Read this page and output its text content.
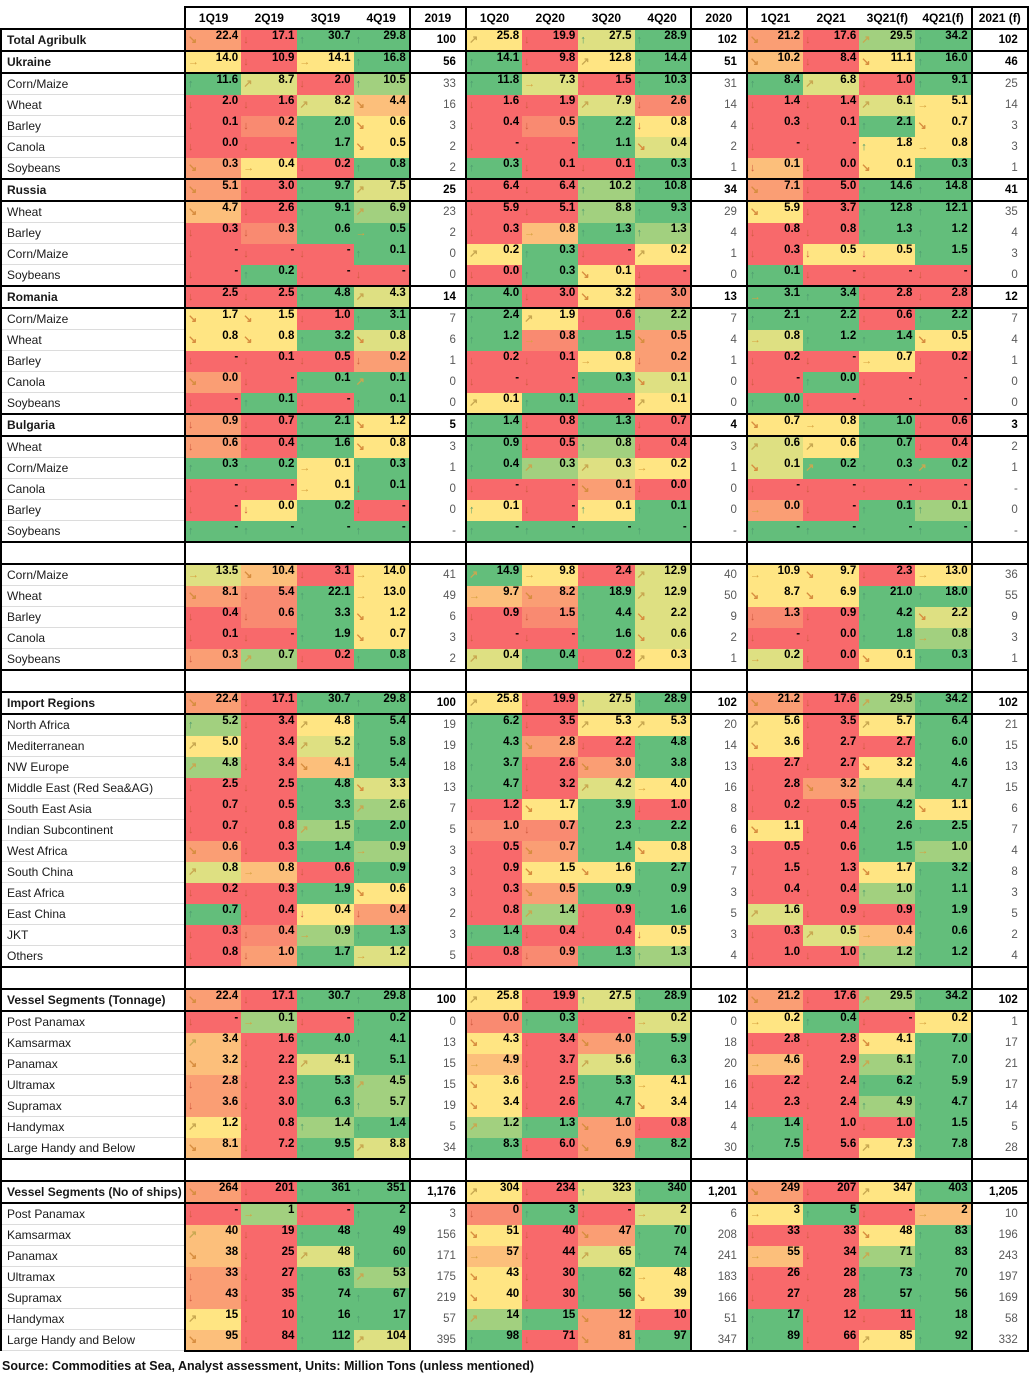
	1Q19	2Q19	3Q19	4Q19	2019	1Q20	2Q20	3Q20	4Q20	2020	1Q21	2Q21	3Q21(f)	4Q21(f)	2021 (f)
Total Agribulk	↘ 22.4	↓ 17.1	↑ 30.7	↑ 29.8	100	↗ 25.8	↓ 19.9	↑ 27.5	↑ 28.9	102	↘ 21.2	↓ 17.6	↗ 29.5	↑ 34.2	102
Ukraine	→ 14.0	↓ 10.9	→ 14.1	↑ 16.8	56	↑ 14.1	↓ 9.8	↗ 12.8	↑ 14.4	51	↘ 10.2	↓ 8.4	↘ 11.1	↑ 16.0	46
Corn/Maize	↑ 11.6	↗ 8.7	↓ 2.0	↑ 10.5	33	↑ 11.8	→ 7.3	↓ 1.5	↑ 10.3	31	↑ 8.4	↗ 6.8	↓ 1.0	↑ 9.1	25
Wheat	↓ 2.0	↓ 1.6	↗ 8.2	↘ 4.4	16	↓ 1.6	↓ 1.9	↗ 7.9	↓ 2.6	14	↓ 1.4	↓ 1.4	↗ 6.1	→ 5.1	14
Barley	↓ 0.1	↓ 0.2	↑ 2.0	↘ 0.6	3	↓ 0.4	↓ 0.5	↑ 2.2	↓ 0.8	4	↓ 0.3	↓ 0.1	↑ 2.1	↘ 0.7	3
Canola	↓ 0.0	↓ -	↑ 1.7	↘ 0.5	2	↓ -	↓ -	↑ 1.1	↘ 0.4	2	↓ -	↓ -	↑ 1.8	→ 0.8	3
Soybeans	↘ 0.3	→ 0.4	↓ 0.2	↑ 0.8	2	↑ 0.3	↓ 0.1	↓ 0.1	↑ 0.3	1	↓ 0.1	↓ 0.0	↘ 0.1	↑ 0.3	1
Russia	↘ 5.1	↓ 3.0	↑ 9.7	↗ 7.5	25	↓ 6.4	↓ 6.4	↑ 10.2	↑ 10.8	34	↘ 7.1	↓ 5.0	↑ 14.6	↑ 14.8	41
Wheat	↘ 4.7	↓ 2.6	↑ 9.1	↗ 6.9	23	↓ 5.9	↓ 5.1	↑ 8.8	↑ 9.3	29	↘ 5.9	↓ 3.7	↑ 12.8	↑ 12.1	35
Barley	↓ 0.3	↓ 0.3	↑ 0.6	→ 0.5	2	↓ 0.3	→ 0.8	↑ 1.3	↑ 1.3	4	↓ 0.8	↓ 0.8	↑ 1.3	↑ 1.2	4
Corn/Maize	↓ -	↓ -	↓ -	↑ 0.1	0	↗ 0.2	↑ 0.3	↓ -	↗ 0.2	1	↓ 0.3	↓ 0.5	↓ 0.5	↑ 1.5	3
Soybeans	↓ -	↑ 0.2	↓ -	↓ -	0	↓ 0.0	↑ 0.3	↘ 0.1	↓ -	0	↑ 0.1	↓ -	↓ -	↓ -	0
Romania	↓ 2.5	↓ 2.5	↑ 4.8	↗ 4.3	14	↑ 4.0	↓ 3.0	↘ 3.2	↓ 3.0	13	→ 3.1	↑ 3.4	↓ 2.8	↓ 2.8	12
Corn/Maize	↘ 1.7	↘ 1.5	↓ 1.0	↑ 3.1	7	↑ 2.4	↗ 1.9	↓ 0.6	↑ 2.2	7	↑ 2.1	↑ 2.2	↓ 0.6	↑ 2.2	7
Wheat	↘ 0.8	↘ 0.8	↑ 3.2	↘ 0.8	6	↑ 1.2	→ 0.8	↑ 1.5	↘ 0.5	4	→ 0.8	↑ 1.2	↑ 1.4	↘ 0.5	4
Barley	↓ -	↓ 0.1	↓ 0.5	↓ 0.2	1	↓ 0.2	↓ 0.1	→ 0.8	↓ 0.2	1	↓ 0.2	↓ -	→ 0.7	↓ 0.2	1
Canola	↘ 0.0	↓ -	↑ 0.1	↗ 0.1	0	↓ -	↓ -	↑ 0.3	↘ 0.1	0	↓ -	↑ 0.0	↓ -	↓ -	0
Soybeans	↓ -	↑ 0.1	↓ -	↑ 0.1	0	↗ 0.1	↑ 0.1	↓ -	↗ 0.1	0	↑ 0.0	↓ -	↓ -	↓ -	0
Bulgaria	↓ 0.9	↓ 0.7	↑ 2.1	↘ 1.2	5	↑ 1.4	↓ 0.8	↑ 1.3	↓ 0.7	4	↘ 0.7	→ 0.8	↑ 1.0	↓ 0.6	3
Wheat	↓ 0.6	↓ 0.4	↑ 1.6	↘ 0.8	3	↑ 0.9	↓ 0.5	↑ 0.8	↓ 0.4	3	↗ 0.6	↗ 0.6	↑ 0.7	↓ 0.4	2
Corn/Maize	↑ 0.3	↑ 0.2	→ 0.1	↑ 0.3	1	↑ 0.4	↗ 0.3	↗ 0.3	→ 0.2	1	↘ 0.1	↗ 0.2	↑ 0.3	↗ 0.2	1
Canola	↓ -	↓ -	→ 0.1	↓ 0.1	0	↓ -	↓ -	↘ 0.1	↓ 0.0	0	↓ -	↓ -	↓ -	↓ -	-
Barley	↓ -	↓ 0.0	↑ 0.2	↓ -	0	↑ 0.1	↓ -	↑ 0.1	↑ 0.1	0	→ 0.0	↓ -	↑ 0.1	↑ 0.1	0
Soybeans	↑ -	↑ -	↑ -	↑ -	-	↑ -	↑ -	↑ -	↑ -	-	↑ -	↑ -	↑ -	↑ -	-

Corn/Maize	→ 13.5	↘ 10.4	↓ 3.1	→ 14.0	41	↗ 14.9	→ 9.8	↓ 2.4	↗ 12.9	40	→ 10.9	↘ 9.7	↓ 2.3	→ 13.0	36
Wheat	↘ 8.1	↓ 5.4	↑ 22.1	→ 13.0	49	→ 9.7	↘ 8.2	↑ 18.9	↗ 12.9	50	↘ 8.7	↘ 6.9	↑ 21.0	↑ 18.0	55
Barley	↓ 0.4	↓ 0.6	↑ 3.3	↘ 1.2	6	↓ 0.9	↓ 1.5	↑ 4.4	↘ 2.2	9	↓ 1.3	↓ 0.9	↑ 4.2	↘ 2.2	9
Canola	↓ 0.1	↓ -	↑ 1.9	↘ 0.7	3	↓ -	↓ -	↑ 1.6	↘ 0.6	2	↓ -	↓ 0.0	↑ 1.8	→ 0.8	3
Soybeans	↓ 0.3	↗ 0.7	↓ 0.2	↑ 0.8	2	↗ 0.4	↑ 0.4	↓ 0.2	↗ 0.3	1	→ 0.2	↓ 0.0	↘ 0.1	↑ 0.3	1

Import Regions	↘ 22.4	↓ 17.1	↑ 30.7	↑ 29.8	100	↗ 25.8	↓ 19.9	↑ 27.5	↑ 28.9	102	↘ 21.2	↓ 17.6	↗ 29.5	↑ 34.2	102
North Africa	↑ 5.2	↓ 3.4	↗ 4.8	↑ 5.4	19	↑ 6.2	↓ 3.5	↗ 5.3	↗ 5.3	20	↗ 5.6	↓ 3.5	↗ 5.7	↑ 6.4	21
Mediterranean	↗ 5.0	↓ 3.4	↗ 5.2	↑ 5.8	19	↑ 4.3	↘ 2.8	↓ 2.2	↑ 4.8	14	↘ 3.6	↓ 2.7	↓ 2.7	↑ 6.0	15
NW Europe	↗ 4.8	↓ 3.4	↘ 4.1	↑ 5.4	18	↑ 3.7	↓ 2.6	↘ 3.0	↑ 3.8	13	↓ 2.7	↓ 2.7	↘ 3.2	↑ 4.6	13
Middle East (Red Sea&AG)	↓ 2.5	↓ 2.5	↑ 4.8	↘ 3.3	13	↑ 4.7	↓ 3.2	↗ 4.2	→ 4.0	16	↓ 2.8	↘ 3.2	↑ 4.4	↑ 4.7	15
South East Asia	↓ 0.7	↓ 0.5	↑ 3.3	↗ 2.6	7	↓ 1.2	↘ 1.7	↑ 3.9	↓ 1.0	8	↓ 0.2	↓ 0.5	↑ 4.2	↘ 1.1	6
Indian Subcontinent	↓ 0.7	↓ 0.8	↗ 1.5	↑ 2.0	5	↓ 1.0	↓ 0.7	↑ 2.3	↑ 2.2	6	↘ 1.1	↓ 0.4	↑ 2.6	↑ 2.5	7
West Africa	↘ 0.6	↓ 0.3	↑ 1.4	→ 0.9	3	↓ 0.5	↘ 0.7	↑ 1.4	↘ 0.8	3	↓ 0.5	↓ 0.6	↑ 1.5	→ 1.0	4
South China	↗ 0.8	→ 0.8	↓ 0.6	↑ 0.9	3	↓ 0.9	↘ 1.5	↘ 1.6	↑ 2.7	7	↓ 1.5	↓ 1.3	↘ 1.7	↑ 3.2	8
East Africa	↓ 0.2	↓ 0.3	↑ 1.9	↘ 0.6	3	↓ 0.3	↘ 0.5	↑ 0.9	↑ 0.9	3	↓ 0.4	↓ 0.4	↑ 1.0	↑ 1.1	3
East China	↑ 0.7	↓ 0.4	↓ 0.4	↓ 0.4	2	↓ 0.8	↗ 1.4	↓ 0.9	↑ 1.6	5	↗ 1.6	↓ 0.9	↓ 0.9	↑ 1.9	5
JKT	↓ 0.3	↓ 0.4	→ 0.9	↑ 1.3	3	↑ 1.4	↓ 0.4	↓ 0.4	↓ 0.5	3	↓ 0.3	↗ 0.5	→ 0.4	↑ 0.6	2
Others	↓ 0.8	↓ 1.0	↑ 1.7	→ 1.2	5	↓ 0.8	↓ 0.9	↑ 1.3	↑ 1.3	4	↓ 1.0	↓ 1.0	↑ 1.2	↑ 1.2	4

Vessel Segments (Tonnage)	↘ 22.4	↓ 17.1	↑ 30.7	↑ 29.8	100	↗ 25.8	↓ 19.9	↑ 27.5	↑ 28.9	102	↘ 21.2	↓ 17.6	↗ 29.5	↑ 34.2	102
Post Panamax	↓ -	→ 0.1	↓ -	↑ 0.2	0	↓ 0.0	↑ 0.3	↓ -	→ 0.2	0	→ 0.2	↑ 0.4	↓ -	→ 0.2	1
Kamsarmax	↗ 3.4	↓ 1.6	↑ 4.0	↑ 4.1	13	↘ 4.3	↓ 3.4	↘ 4.0	↑ 5.9	18	↓ 2.8	↓ 2.8	↘ 4.1	↑ 7.0	17
Panamax	↘ 3.2	↓ 2.2	↗ 4.1	↑ 5.1	15	→ 4.9	↓ 3.7	↗ 5.6	↑ 6.3	20	→ 4.6	↓ 2.9	↗ 6.1	↑ 7.0	21
Ultramax	↓ 2.8	↓ 2.3	↑ 5.3	↗ 4.5	15	↘ 3.6	↓ 2.5	↑ 5.3	→ 4.1	16	↓ 2.2	↓ 2.4	↑ 6.2	↑ 5.9	17
Supramax	↓ 3.6	↓ 3.0	↑ 6.3	↑ 5.7	19	↘ 3.4	↓ 2.6	↑ 4.7	↘ 3.4	14	↓ 2.3	↓ 2.4	↑ 4.9	↑ 4.7	14
Handymax	↗ 1.2	↓ 0.8	↑ 1.4	↑ 1.4	5	↗ 1.2	↑ 1.3	↘ 1.0	↓ 0.8	4	↑ 1.4	↓ 1.0	↓ 1.0	↑ 1.5	5
Large Handy and Below	↘ 8.1	↓ 7.2	↑ 9.5	↗ 8.8	34	↑ 8.3	↓ 6.0	↘ 6.9	↑ 8.2	30	↑ 7.5	↓ 5.6	↗ 7.3	↑ 7.8	28

Vessel Segments (No of ships)	↘ 264	↓ 201	↑ 361	↑ 351	1,176	↗ 304	↓ 234	↑ 323	↑ 340	1,201	↘ 249	↓ 207	↗ 347	↑ 403	1,205
Post Panamax	↓ -	→ 1	↓ -	↑ 2	3	↓ 0	↑ 3	↓ -	→ 2	6	→ 3	↑ 5	↓ -	→ 2	10
Kamsarmax	↗ 40	↓ 19	↑ 48	↑ 49	156	↘ 51	↓ 40	↘ 47	↑ 70	208	↓ 33	↓ 33	↘ 48	↑ 83	196
Panamax	↘ 38	↓ 25	↗ 48	↑ 60	171	→ 57	↓ 44	↗ 65	↑ 74	241	→ 55	↓ 34	↗ 71	↑ 83	243
Ultramax	↓ 33	↓ 27	↑ 63	↗ 53	175	↘ 43	↓ 30	↑ 62	→ 48	183	↓ 26	↓ 28	↑ 73	↑ 70	197
Supramax	↓ 43	↓ 35	↑ 74	↑ 67	219	↘ 40	↓ 30	↑ 56	↘ 39	166	↓ 27	↓ 28	↑ 57	↑ 56	169
Handymax	↗ 15	↓ 10	↑ 16	↑ 17	57	↗ 14	↑ 15	↘ 12	↓ 10	51	↑ 17	↓ 12	↓ 11	↑ 18	58
Large Handy and Below	↘ 95	↓ 84	↑ 112	↗ 104	395	↑ 98	↓ 71	↘ 81	↑ 97	347	↑ 89	↓ 66	↗ 85	↑ 92	332
Source: Commodities at Sea, Analyst assessment, Units: Million Tons (unless mentioned)
